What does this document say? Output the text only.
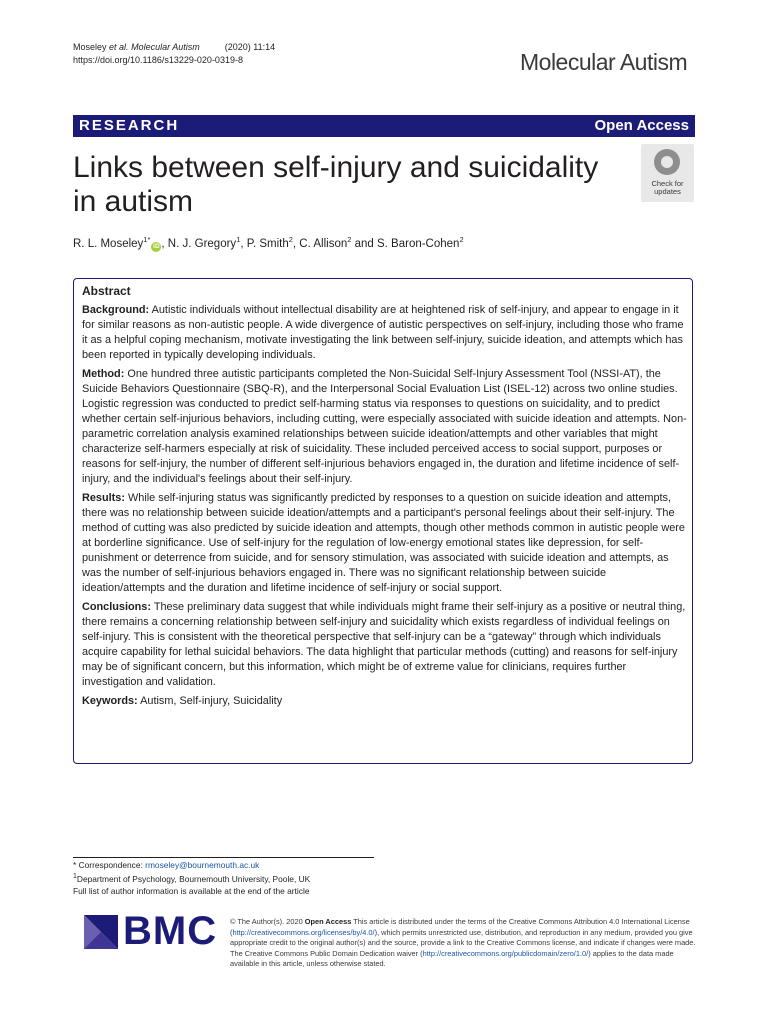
Moseley et al. Molecular Autism	(2020) 11:14
https://doi.org/10.1186/s13229-020-0319-8	Molecular Autism
RESEARCH	Open Access
Links between self-injury and suicidality in autism
Check for
updates
R. L. Moseley$^{1*}$iD , N. J. Gregory$^1$, P. Smith$^2$, C. Allison$^2$ and S. Baron-Cohen$^2$
Abstract

Background: Autistic individuals without intellectual disability are at heightened risk of self-injury, and appear to engage in it for similar reasons as non-autistic people. A wide divergence of autistic perspectives on self-injury, including those who frame it as a helpful coping mechanism, motivate investigating the link between self-injury, suicide ideation, and attempts which has been reported in typically developing individuals.

Method: One hundred three autistic participants completed the Non-Suicidal Self-Injury Assessment Tool (NSSI-AT), the Suicide Behaviors Questionnaire (SBQ-R), and the Interpersonal Social Evaluation List (ISEL-12) across two online studies. Logistic regression was conducted to predict self-harming status via responses to questions on suicidality, and to predict whether certain self-injurious behaviors, including cutting, were especially associated with suicide ideation and attempts. Non-parametric correlation analysis examined relationships between suicide ideation/attempts and other variables that might characterize self-harmers especially at risk of suicidality. These included perceived access to social support, purposes or reasons for self-injury, the number of different self-injurious behaviors engaged in, the duration and lifetime incidence of self-injury, and the individual's feelings about their self-injury.

Results: While self-injuring status was significantly predicted by responses to a question on suicide ideation and attempts, there was no relationship between suicide ideation/attempts and a participant's personal feelings about their self-injury. The method of cutting was also predicted by suicide ideation and attempts, though other methods common in autistic people were at borderline significance. Use of self-injury for the regulation of low-energy emotional states like depression, for self-punishment or deterrence from suicide, and for sensory stimulation, was associated with suicide ideation and attempts, as was the number of self-injurious behaviors engaged in. There was no significant relationship between suicide ideation/attempts and the duration and lifetime incidence of self-injury or social support.

Conclusions: These preliminary data suggest that while individuals might frame their self-injury as a positive or neutral thing, there remains a concerning relationship between self-injury and suicidality which exists regardless of individual feelings on self-injury. This is consistent with the theoretical perspective that self-injury can be a “gateway” through which individuals acquire capability for lethal suicidal behaviors. The data highlight that particular methods (cutting) and reasons for self-injury may be of significant concern, but this information, which might be of extreme value for clinicians, requires further investigation and validation.

Keywords: Autism, Self-injury, Suicidality

* Correspondence: rmoseley@bournemouth.ac.uk
$^1$Department of Psychology, Bournemouth University, Poole, UK
Full list of author information is available at the end of the article
BMC © The Author(s). 2020 Open Access This article is distributed under the terms of the Creative Commons Attribution 4.0 International License (http://creativecommons.org/licenses/by/4.0/), which permits unrestricted use, distribution, and reproduction in any medium, provided you give appropriate credit to the original author(s) and the source, provide a link to the Creative Commons license, and indicate if changes were made. The Creative Commons Public Domain Dedication waiver (http://creativecommons.org/publicdomain/zero/1.0/) applies to the data made available in this article, unless otherwise stated.
